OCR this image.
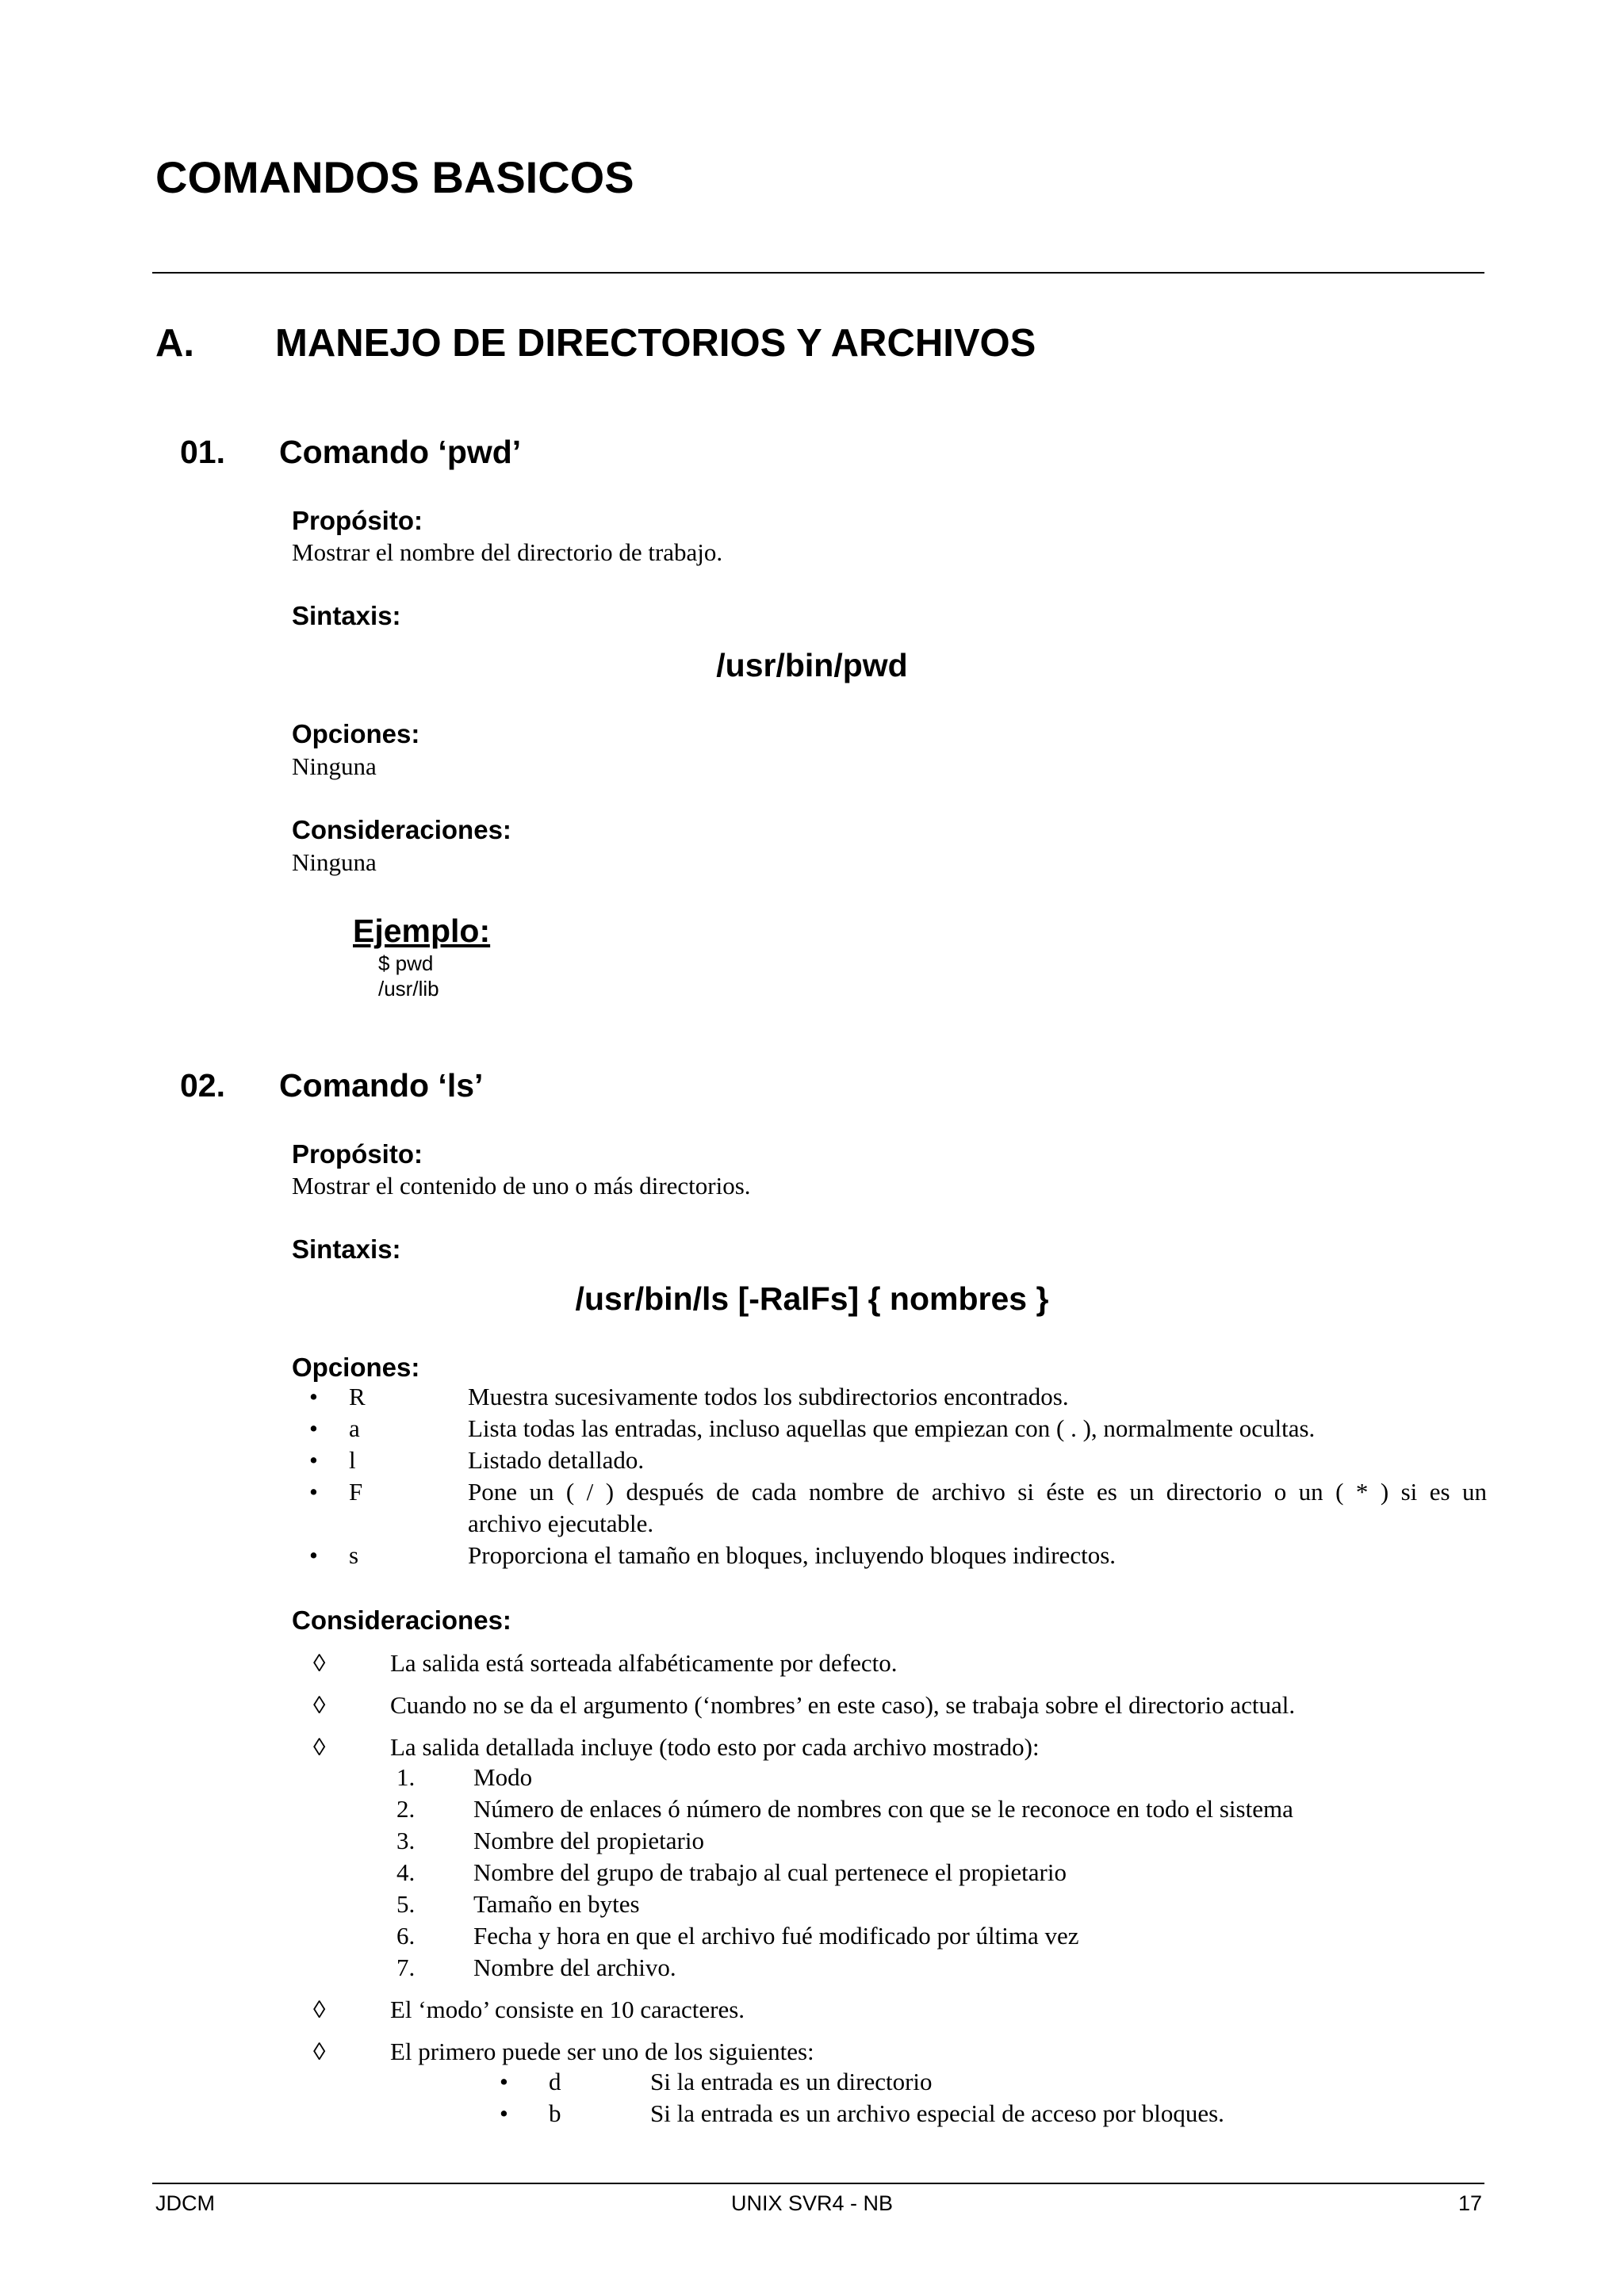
COMANDOS BASICOS
A. MANEJO DE DIRECTORIOS Y ARCHIVOS
01. Comando ‘pwd’
Propósito:
Mostrar el nombre del directorio de trabajo.
Sintaxis:
/usr/bin/pwd
Opciones:
Ninguna
Consideraciones:
Ninguna
Ejemplo:
$ pwd
/usr/lib
02. Comando ‘ls’
Propósito:
Mostrar el contenido de uno o más directorios.
Sintaxis:
/usr/bin/ls [-RalFs] { nombres }
Opciones:
• R	Muestra sucesivamente todos los subdirectorios encontrados.
• a	Lista todas las entradas, incluso aquellas que empiezan con ( . ), normalmente ocultas.
• l	Listado detallado.
• F	Pone un ( / ) después de cada nombre de archivo si éste es un directorio o un ( * ) si es un
archivo ejecutable.
• s	Proporciona el tamaño en bloques, incluyendo bloques indirectos.
Consideraciones:
◊	La salida está sorteada alfabéticamente por defecto.
◊	Cuando no se da el argumento (‘nombres’ en este caso), se trabaja sobre el directorio actual.
◊	La salida detallada incluye (todo esto por cada archivo mostrado):
1. Modo
2. Número de enlaces ó número de nombres con que se le reconoce en todo el sistema
3. Nombre del propietario
4. Nombre del grupo de trabajo al cual pertenece el propietario
5. Tamaño en bytes
6. Fecha y hora en que el archivo fué modificado por última vez
7. Nombre del archivo.
◊	El ‘modo’ consiste en 10 caracteres.
◊	El primero puede ser uno de los siguientes:
• d	Si la entrada es un directorio
• b	Si la entrada es un archivo especial de acceso por bloques.
JDCM	UNIX SVR4 - NB	17
